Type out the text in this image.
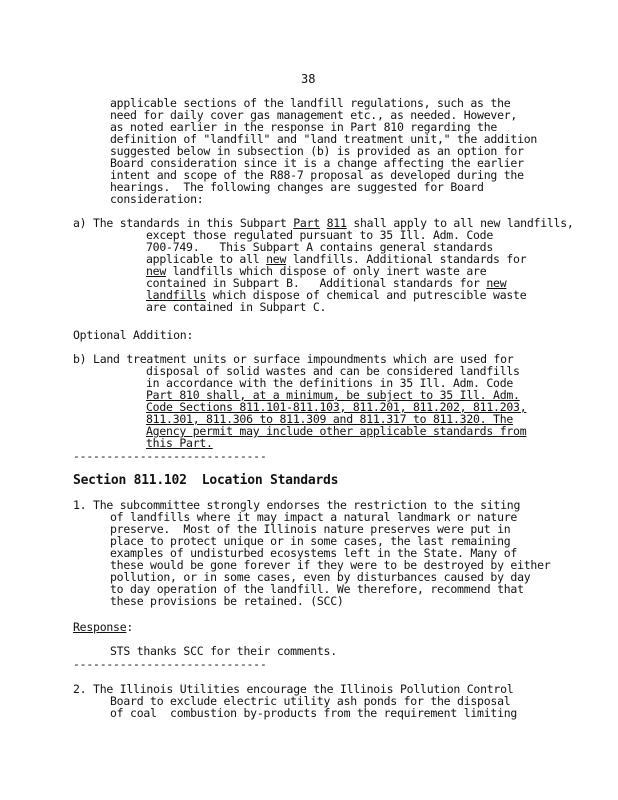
38
applicable sections of the landfill regulations, such as the
need for daily cover gas management etc., as needed. However,
as noted earlier in the response in Part 810 regarding the
definition of "landfill" and "land treatment unit," the addition
suggested below in subsection (b) is provided as an option for
Board consideration since it is a change affecting the earlier
intent and scope of the R88-7 proposal as developed during the
hearings.  The following changes are suggested for Board
consideration:
a) The standards in this Subpart Part 811 shall apply to all new landfills,
except those regulated pursuant to 35 Ill. Adm. Code
700-749.   This Subpart A contains general standards
applicable to all new landfills. Additional standards for
new landfills which dispose of only inert waste are
contained in Subpart B.   Additional standards for new
landfills which dispose of chemical and putrescible waste
are contained in Subpart C.
Optional Addition:
b) Land treatment units or surface impoundments which are used for
disposal of solid wastes and can be considered landfills
in accordance with the definitions in 35 Ill. Adm. Code
Part 810 shall, at a minimum, be subject to 35 Ill. Adm.
Code Sections 811.101-811.103, 811.201, 811.202, 811.203,
811.301, 811.306 to 811.309 and 811.317 to 811.320. The
Agency permit may include other applicable standards from
this Part.
-----------------------------
Section 811.102  Location Standards
1. The subcommittee strongly endorses the restriction to the siting
of landfills where it may impact a natural landmark or nature
preserve.  Most of the Illinois nature preserves were put in
place to protect unique or in some cases, the last remaining
examples of undisturbed ecosystems left in the State. Many of
these would be gone forever if they were to be destroyed by either
pollution, or in some cases, even by disturbances caused by day
to day operation of the landfill. We therefore, recommend that
these provisions be retained. (SCC)
Response:
STS thanks SCC for their comments.
-----------------------------
2. The Illinois Utilities encourage the Illinois Pollution Control
Board to exclude electric utility ash ponds for the disposal
of coal  combustion by-products from the requirement limiting
